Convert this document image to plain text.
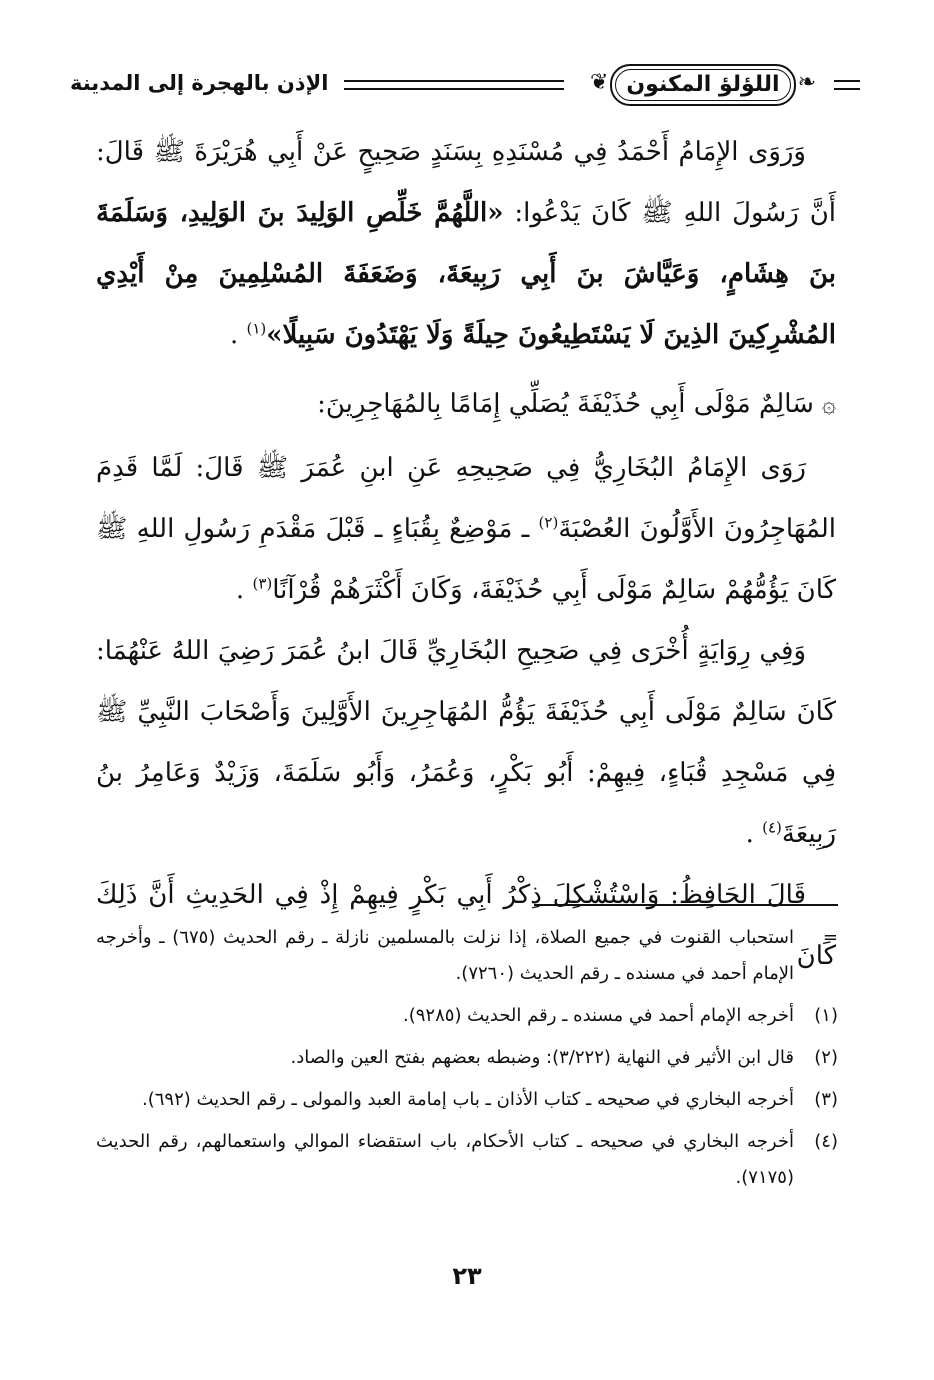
❧
❦ اللؤلؤ المكنون
الإذن بالهجرة إلى المدينة

وَرَوَى الإِمَامُ أَحْمَدُ فِي مُسْنَدِهِ بِسَنَدٍ صَحِيحٍ عَنْ أَبِي هُرَيْرَةَ ﷺ قَالَ: أَنَّ رَسُولَ اللهِ ﷺ كَانَ يَدْعُوا: «اللَّهُمَّ خَلِّصِ الوَلِيدَ بنَ الوَلِيدِ، وَسَلَمَةَ بنَ هِشَامٍ، وَعَيَّاشَ بنَ أَبِي رَبِيعَةَ، وَضَعَفَةَ المُسْلِمِينَ مِنْ أَيْدِي المُشْرِكِينَ الذِينَ لَا يَسْتَطِيعُونَ حِيلَةً وَلَا يَهْتَدُونَ سَبِيلًا»$^{(١)}$ .

۞سَالِمٌ مَوْلَى أَبِي حُذَيْفَةَ يُصَلِّي إِمَامًا بِالمُهَاجِرِينَ:

رَوَى الإِمَامُ البُخَارِيُّ فِي صَحِيحِهِ عَنِ ابنِ عُمَرَ ﷺ قَالَ: لَمَّا قَدِمَ المُهَاجِرُونَ الأَوَّلُونَ العُصْبَةَ$^{(٢)}$ ـ مَوْضِعٌ بِقُبَاءٍ ـ قَبْلَ مَقْدَمِ رَسُولِ اللهِ ﷺ كَانَ يَؤُمُّهُمْ سَالِمٌ مَوْلَى أَبِي حُذَيْفَةَ، وَكَانَ أَكْثَرَهُمْ قُرْآنًا$^{(٣)}$ .

وَفِي رِوَايَةٍ أُخْرَى فِي صَحِيحِ البُخَارِيِّ قَالَ ابنُ عُمَرَ رَضِيَ اللهُ عَنْهُمَا: كَانَ سَالِمٌ مَوْلَى أَبِي حُذَيْفَةَ يَؤُمُّ المُهَاجِرِينَ الأَوَّلِينَ وَأَصْحَابَ النَّبِيِّ ﷺ فِي مَسْجِدِ قُبَاءٍ، فِيهِمْ: أَبُو بَكْرٍ، وَعُمَرُ، وَأَبُو سَلَمَةَ، وَزَيْدٌ وَعَامِرُ بنُ رَبِيعَةَ$^{(٤)}$ .

قَالَ الحَافِظُ: وَاسْتُشْكِلَ ذِكْرُ أَبِي بَكْرٍ فِيهِمْ إِذْ فِي الحَدِيثِ أَنَّ ذَلِكَ كَانَ

=
استحباب القنوت في جميع الصلاة، إذا نزلت بالمسلمين نازلة ـ رقم الحديث (٦٧٥) ـ وأخرجه الإمام أحمد في مسنده ـ رقم الحديث (٧٢٦٠).
(١)
أخرجه الإمام أحمد في مسنده ـ رقم الحديث (٩٢٨٥).
(٢)
قال ابن الأثير في النهاية (٣/٢٢٢): وضبطه بعضهم بفتح العين والصاد.
(٣)
أخرجه البخاري في صحيحه ـ كتاب الأذان ـ باب إمامة العبد والمولى ـ رقم الحديث (٦٩٢).
(٤)
أخرجه البخاري في صحيحه ـ كتاب الأحكام، باب استقضاء الموالي واستعمالهم، رقم الحديث (٧١٧٥).
٢٣
